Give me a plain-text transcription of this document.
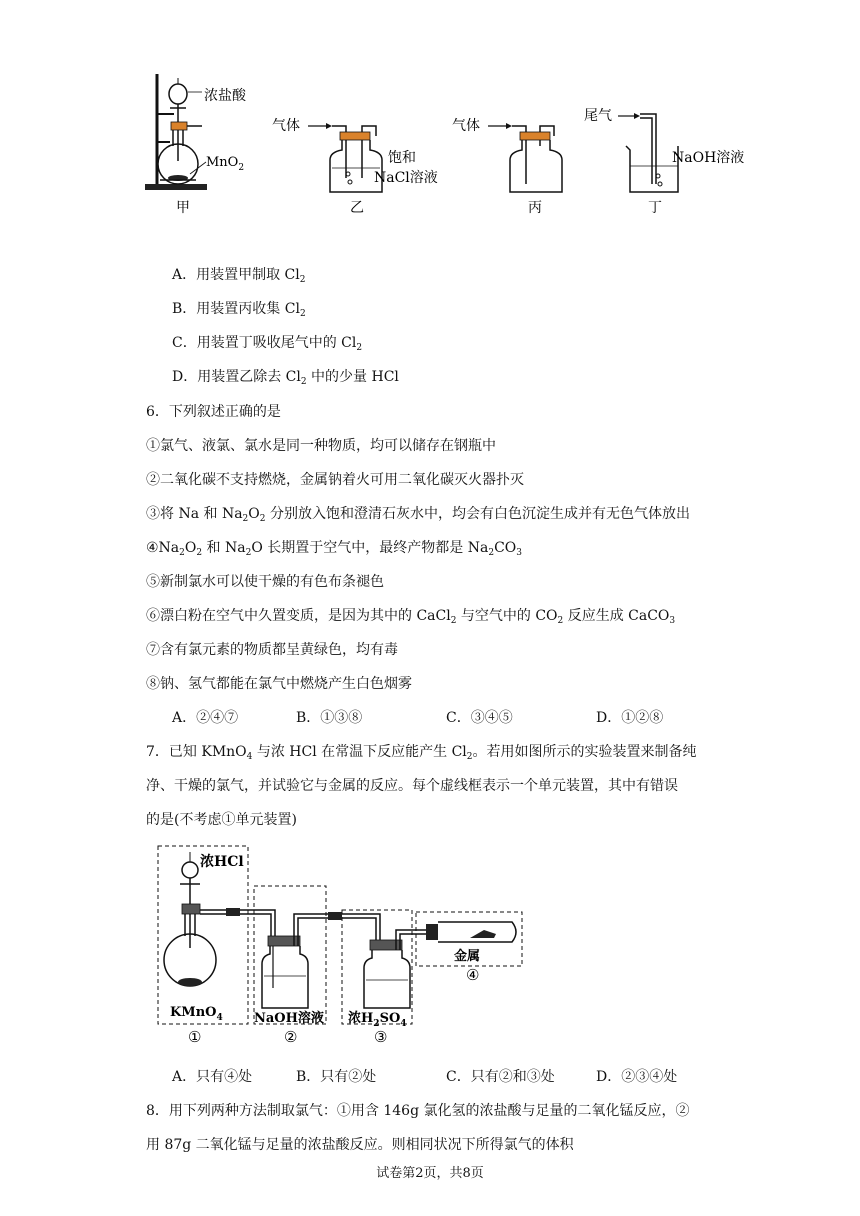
浓盐酸
MnO$_2$
甲
气体
饱和
NaCl溶液
乙
气体
丙
尾气
NaOH溶液
丁
A．用装置甲制取 $Cl_2$
B．用装置丙收集 $Cl_2$
C．用装置丁吸收尾气中的 $Cl_2$
D．用装置乙除去 $Cl_2$ 中的少量 HCl
6．下列叙述正确的是
①氯气、液氯、氯水是同一种物质，均可以储存在钢瓶中
②二氧化碳不支持燃烧，金属钠着火可用二氧化碳灭火器扑灭
③将 Na 和 $Na_2O_2$ 分别放入饱和澄清石灰水中，均会有白色沉淀生成并有无色气体放出
$④Na_2O_2$ 和 $Na_2O$ 长期置于空气中，最终产物都是 $Na_2CO_3$
⑤新制氯水可以使干燥的有色布条褪色
⑥漂白粉在空气中久置变质，是因为其中的 CaCl$_2$ 与空气中的 $CO_2$ 反应生成 CaCO$_3$
⑦含有氯元素的物质都呈黄绿色，均有毒
⑧钠、氢气都能在氯气中燃烧产生白色烟雾
A．②④⑦	B．①③⑧	C．③④⑤	D．①②⑧
7．已知 KMnO$_4$ 与浓 HCl 在常温下反应能产生 $Cl_2$。若用如图所示的实验装置来制备纯
净、干燥的氯气，并试验它与金属的反应。每个虚线框表示一个单元装置，其中有错误
的是(不考虑①单元装置)
浓HCl
KMnO$_4$
①
NaOH溶液
②
浓$H_2SO_4$
③
金属
④
A．只有④处	B．只有②处	C．只有②和③处	D．②③④处
8．用下列两种方法制取氯气：①用含 146g 氯化氢的浓盐酸与足量的二氧化锰反应，②
用 87g 二氧化锰与足量的浓盐酸反应。则相同状况下所得氯气的体积
试卷第2页，共8页
